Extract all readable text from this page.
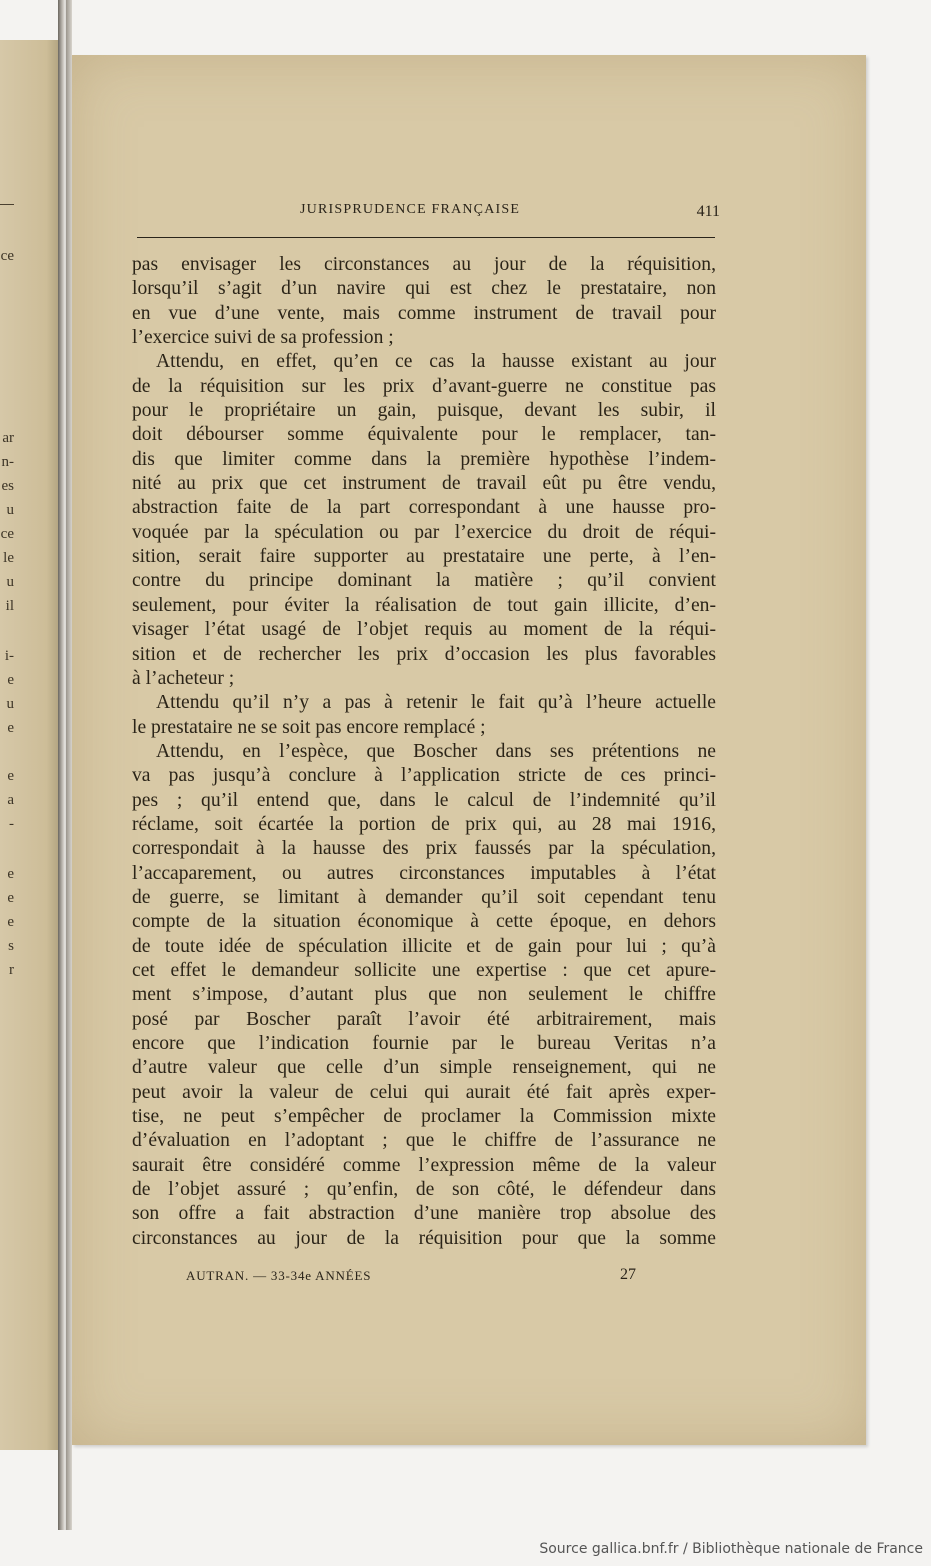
ce
ar
n-
es
u
ce
le
u
il
i-
e
u
e
e
a
-
e
e
e
s
r
JURISPRUDENCE FRANÇAISE	411
pas envisager les circonstances au jour de la réquisition,
lorsqu’il s’agit d’un navire qui est chez le prestataire, non
en vue d’une vente, mais comme instrument de travail pour
l’exercice suivi de sa profession ;
Attendu, en effet, qu’en ce cas la hausse existant au jour
de la réquisition sur les prix d’avant-guerre ne constitue pas
pour le propriétaire un gain, puisque, devant les subir, il
doit débourser somme équivalente pour le remplacer, tan-
dis que limiter comme dans la première hypothèse l’indem-
nité au prix que cet instrument de travail eût pu être vendu,
abstraction faite de la part correspondant à une hausse pro-
voquée par la spéculation ou par l’exercice du droit de réqui-
sition, serait faire supporter au prestataire une perte, à l’en-
contre du principe dominant la matière ; qu’il convient
seulement, pour éviter la réalisation de tout gain illicite, d’en-
visager l’état usagé de l’objet requis au moment de la réqui-
sition et de rechercher les prix d’occasion les plus favorables
à l’acheteur ;
Attendu qu’il n’y a pas à retenir le fait qu’à l’heure actuelle
le prestataire ne se soit pas encore remplacé ;
Attendu, en l’espèce, que Boscher dans ses prétentions ne
va pas jusqu’à conclure à l’application stricte de ces princi-
pes ; qu’il entend que, dans le calcul de l’indemnité qu’il
réclame, soit écartée la portion de prix qui, au 28 mai 1916,
correspondait à la hausse des prix faussés par la spéculation,
l’accaparement, ou autres circonstances imputables à l’état
de guerre, se limitant à demander qu’il soit cependant tenu
compte de la situation économique à cette époque, en dehors
de toute idée de spéculation illicite et de gain pour lui ; qu’à
cet effet le demandeur sollicite une expertise : que cet apure-
ment s’impose, d’autant plus que non seulement le chiffre
posé par Boscher paraît l’avoir été arbitrairement, mais
encore que l’indication fournie par le bureau Veritas n’a
d’autre valeur que celle d’un simple renseignement, qui ne
peut avoir la valeur de celui qui aurait été fait après exper-
tise, ne peut s’empêcher de proclamer la Commission mixte
d’évaluation en l’adoptant ; que le chiffre de l’assurance ne
saurait être considéré comme l’expression même de la valeur
de l’objet assuré ; qu’enfin, de son côté, le défendeur dans
son offre a fait abstraction d’une manière trop absolue des
circonstances au jour de la réquisition pour que la somme
AUTRAN. — 33-34e ANNÉES	27
Source gallica.bnf.fr / Bibliothèque nationale de France
